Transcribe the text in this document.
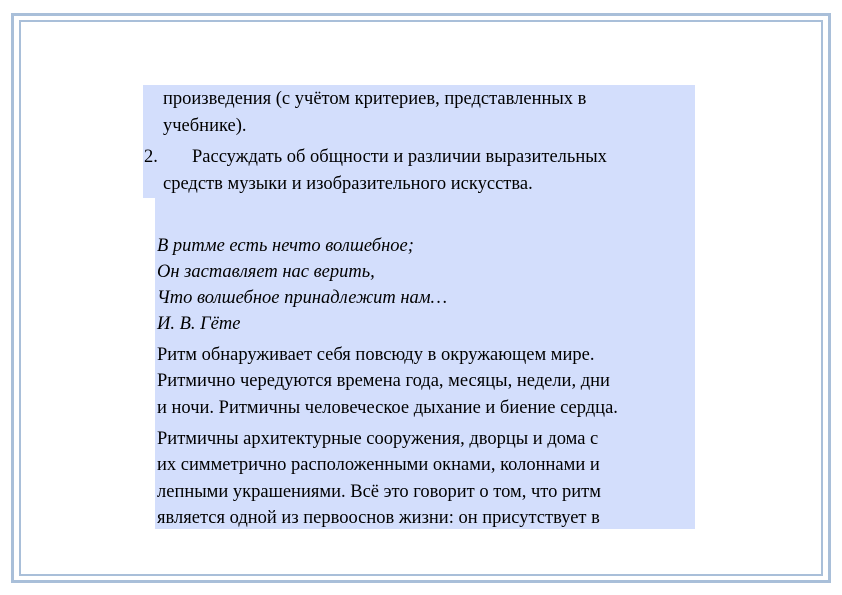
произведения (с учётом критериев, представленных в
учебнике).
2. Рассуждать об общности и различии выразительных
средств музыки и изобразительного искусства.
В ритме есть нечто волшебное;
Он заставляет нас верить,
Что волшебное принадлежит нам…
И. В. Гёте
Ритм обнаруживает себя повсюду в окружающем мире.
Ритмично чередуются времена года, месяцы, недели, дни
и ночи. Ритмичны человеческое дыхание и биение сердца.
Ритмичны архитектурные сооружения, дворцы и дома с
их симметрично расположенными окнами, колоннами и
лепными украшениями. Всё это говорит о том, что ритм
является одной из первооснов жизни: он присутствует в
